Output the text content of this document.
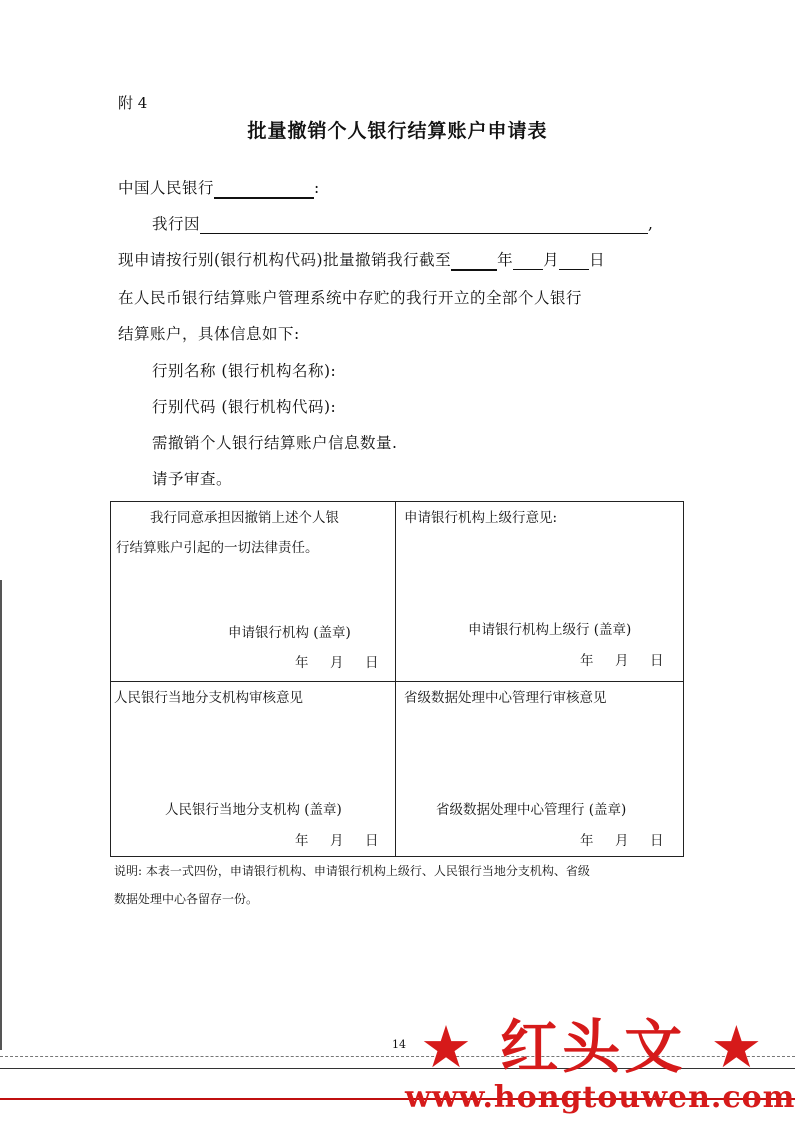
附 4
批量撤销个人银行结算账户申请表
中国人民银行	:
我行因	,
现申请按行别(银行机构代码)批量撤销我行截至	年 月 日
在人民币银行结算账户管理系统中存贮的我行开立的全部个人银行
结算账户，具体信息如下:
行别名称 (银行机构名称):
行别代码 (银行机构代码):
需撤销个人银行结算账户信息数量.
请予审查。
我行同意承担因撤销上述个人银
行结算账户引起的一切法律责任。
申请银行机构 (盖章)
年 月 日
申请银行机构上级行意见:
申请银行机构上级行 (盖章)
年 月 日
人民银行当地分支机构审核意见
人民银行当地分支机构 (盖章)
年 月 日
省级数据处理中心管理行审核意见
省级数据处理中心管理行 (盖章)
年 月 日
说明: 本表一式四份，申请银行机构、申请银行机构上级行、人民银行当地分支机构、省级
数据处理中心各留存一份。
14 ★ 红头文 ★
www.hongtouwen.com
